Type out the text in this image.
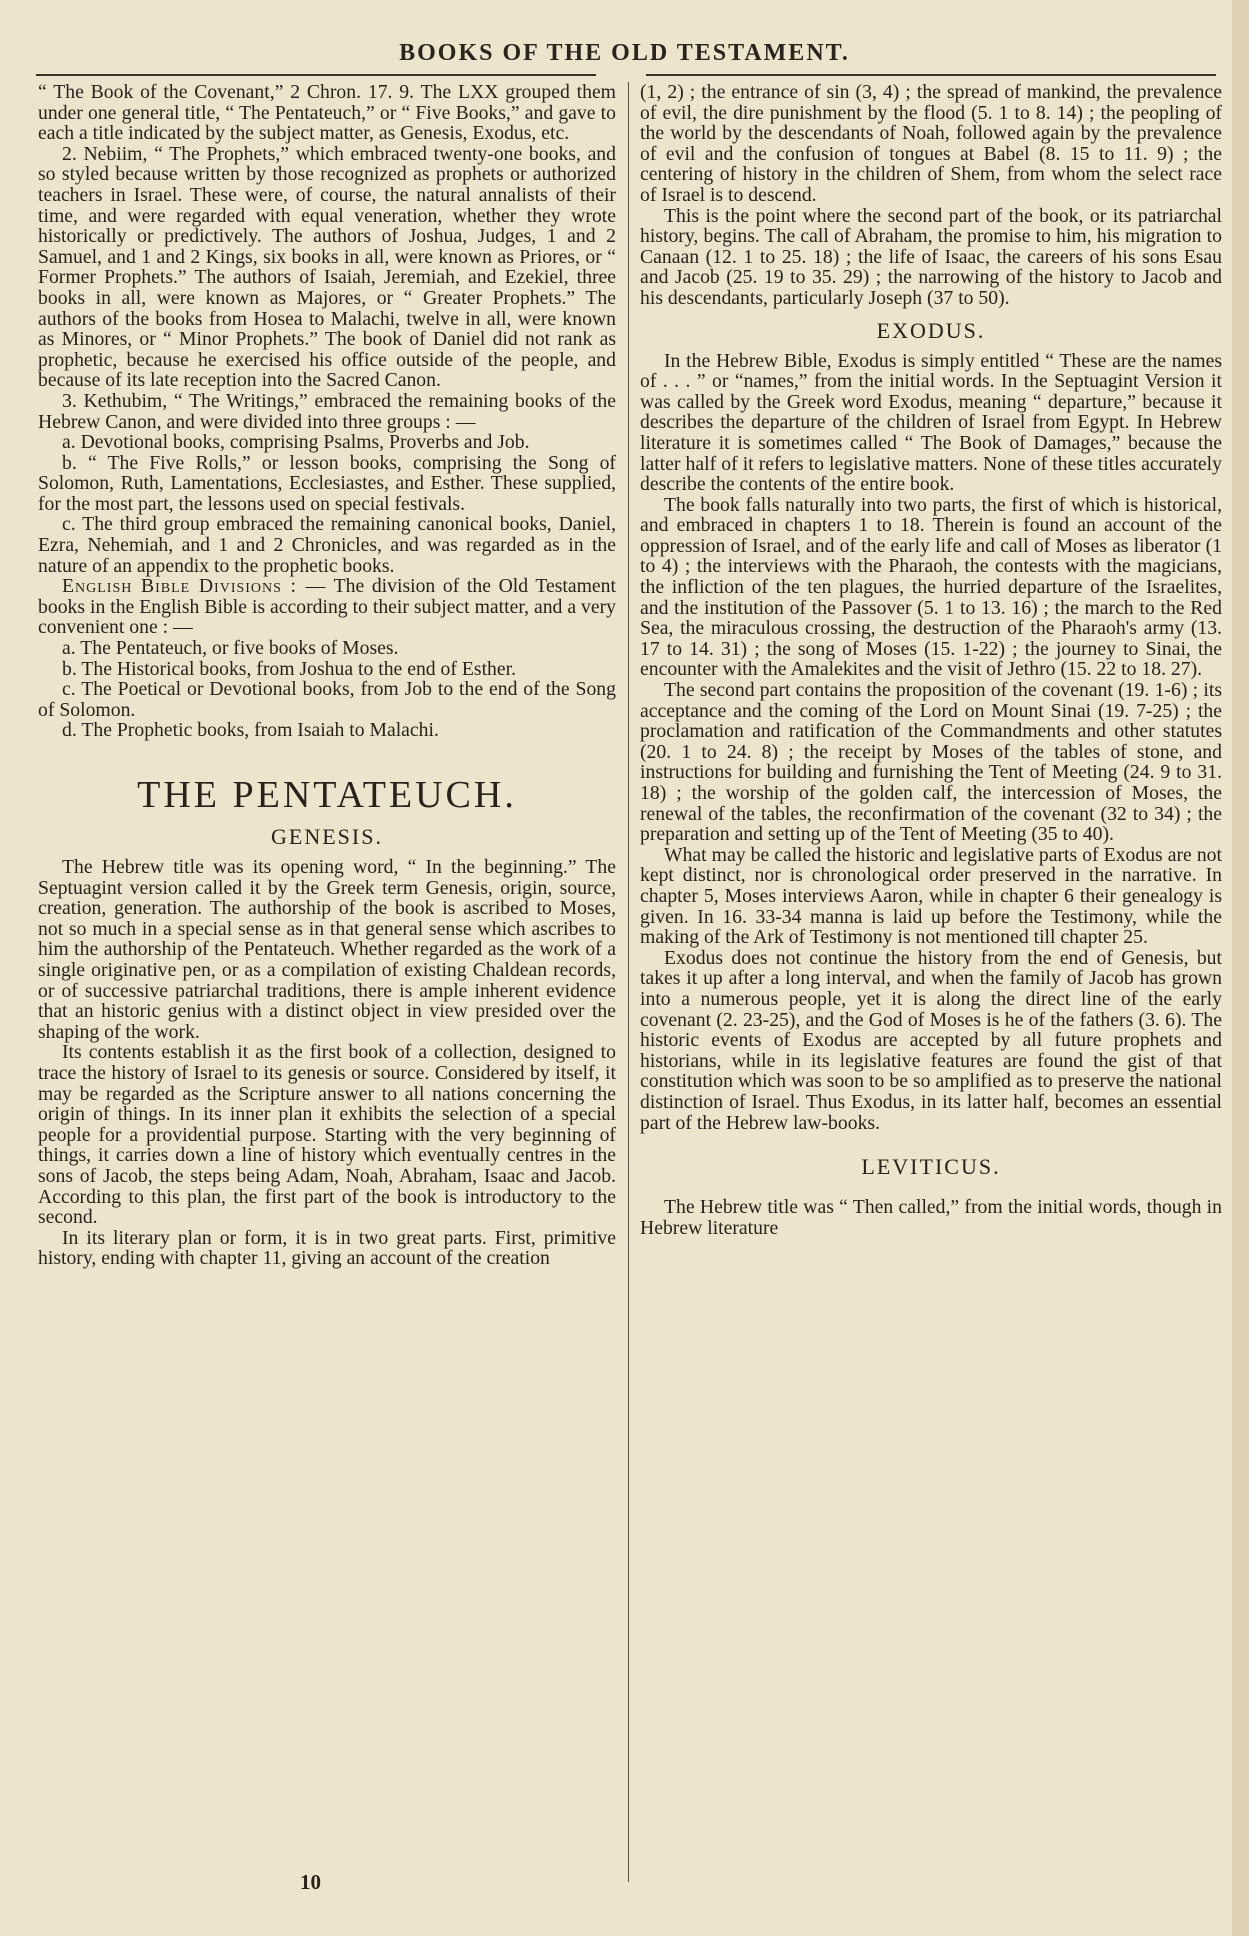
BOOKS OF THE OLD TESTAMENT.

“ The Book of the Covenant,” 2 Chron. 17. 9. The LXX grouped them under one general title, “ The Pentateuch,” or “ Five Books,” and gave to each a title indicated by the subject matter, as Genesis, Exodus, etc.

2. Nebiim, “ The Prophets,” which embraced twenty-one books, and so styled because written by those recognized as prophets or authorized teachers in Israel. These were, of course, the natural annalists of their time, and were regarded with equal veneration, whether they wrote historically or predictively. The authors of Joshua, Judges, 1 and 2 Samuel, and 1 and 2 Kings, six books in all, were known as Priores, or “ Former Prophets.” The authors of Isaiah, Jeremiah, and Ezekiel, three books in all, were known as Majores, or “ Greater Prophets.” The authors of the books from Hosea to Malachi, twelve in all, were known as Minores, or “ Minor Prophets.” The book of Daniel did not rank as prophetic, because he exercised his office outside of the people, and because of its late reception into the Sacred Canon.

3. Kethubim, “ The Writings,” embraced the remaining books of the Hebrew Canon, and were divided into three groups : —

a. Devotional books, comprising Psalms, Proverbs and Job.

b. “ The Five Rolls,” or lesson books, comprising the Song of Solomon, Ruth, Lamentations, Ecclesiastes, and Esther. These supplied, for the most part, the lessons used on special festivals.

c. The third group embraced the remaining canonical books, Daniel, Ezra, Nehemiah, and 1 and 2 Chronicles, and was regarded as in the nature of an appendix to the prophetic books.

English Bible Divisions : — The division of the Old Testament books in the English Bible is according to their subject matter, and a very convenient one : —

a. The Pentateuch, or five books of Moses.

b. The Historical books, from Joshua to the end of Esther.

c. The Poetical or Devotional books, from Job to the end of the Song of Solomon.

d. The Prophetic books, from Isaiah to Malachi.

THE PENTATEUCH.
GENESIS.

The Hebrew title was its opening word, “ In the beginning.” The Septuagint version called it by the Greek term Genesis, origin, source, creation, generation. The authorship of the book is ascribed to Moses, not so much in a special sense as in that general sense which ascribes to him the authorship of the Pentateuch. Whether regarded as the work of a single originative pen, or as a compilation of existing Chaldean records, or of successive patriarchal traditions, there is ample inherent evidence that an historic genius with a distinct object in view presided over the shaping of the work.

Its contents establish it as the first book of a collection, designed to trace the history of Israel to its genesis or source. Considered by itself, it may be regarded as the Scripture answer to all nations concerning the origin of things. In its inner plan it exhibits the selection of a special people for a providential purpose. Starting with the very beginning of things, it carries down a line of history which eventually centres in the sons of Jacob, the steps being Adam, Noah, Abraham, Isaac and Jacob. According to this plan, the first part of the book is introductory to the second.

In its literary plan or form, it is in two great parts. First, primitive history, ending with chapter 11, giving an account of the creation

(1, 2) ; the entrance of sin (3, 4) ; the spread of mankind, the prevalence of evil, the dire punishment by the flood (5. 1 to 8. 14) ; the peopling of the world by the descendants of Noah, followed again by the prevalence of evil and the confusion of tongues at Babel (8. 15 to 11. 9) ; the centering of history in the children of Shem, from whom the select race of Israel is to descend.

This is the point where the second part of the book, or its patriarchal history, begins. The call of Abraham, the promise to him, his migration to Canaan (12. 1 to 25. 18) ; the life of Isaac, the careers of his sons Esau and Jacob (25. 19 to 35. 29) ; the narrowing of the history to Jacob and his descendants, particularly Joseph (37 to 50).

EXODUS.

In the Hebrew Bible, Exodus is simply entitled “ These are the names of . . . ” or “names,” from the initial words. In the Septuagint Version it was called by the Greek word Exodus, meaning “ departure,” because it describes the departure of the children of Israel from Egypt. In Hebrew literature it is sometimes called “ The Book of Damages,” because the latter half of it refers to legislative matters. None of these titles accurately describe the contents of the entire book.

The book falls naturally into two parts, the first of which is historical, and embraced in chapters 1 to 18. Therein is found an account of the oppression of Israel, and of the early life and call of Moses as liberator (1 to 4) ; the interviews with the Pharaoh, the contests with the magicians, the infliction of the ten plagues, the hurried departure of the Israelites, and the institution of the Passover (5. 1 to 13. 16) ; the march to the Red Sea, the miraculous crossing, the destruction of the Pharaoh's army (13. 17 to 14. 31) ; the song of Moses (15. 1-22) ; the journey to Sinai, the encounter with the Amalekites and the visit of Jethro (15. 22 to 18. 27).

The second part contains the proposition of the covenant (19. 1-6) ; its acceptance and the coming of the Lord on Mount Sinai (19. 7-25) ; the proclamation and ratification of the Commandments and other statutes (20. 1 to 24. 8) ; the receipt by Moses of the tables of stone, and instructions for building and furnishing the Tent of Meeting (24. 9 to 31. 18) ; the worship of the golden calf, the intercession of Moses, the renewal of the tables, the reconfirmation of the covenant (32 to 34) ; the preparation and setting up of the Tent of Meeting (35 to 40).

What may be called the historic and legislative parts of Exodus are not kept distinct, nor is chronological order preserved in the narrative. In chapter 5, Moses interviews Aaron, while in chapter 6 their genealogy is given. In 16. 33-34 manna is laid up before the Testimony, while the making of the Ark of Testimony is not mentioned till chapter 25.

Exodus does not continue the history from the end of Genesis, but takes it up after a long interval, and when the family of Jacob has grown into a numerous people, yet it is along the direct line of the early covenant (2. 23-25), and the God of Moses is he of the fathers (3. 6). The historic events of Exodus are accepted by all future prophets and historians, while in its legislative features are found the gist of that constitution which was soon to be so amplified as to preserve the national distinction of Israel. Thus Exodus, in its latter half, becomes an essential part of the Hebrew law-books.

LEVITICUS.

The Hebrew title was “ Then called,” from the initial words, though in Hebrew literature

10
